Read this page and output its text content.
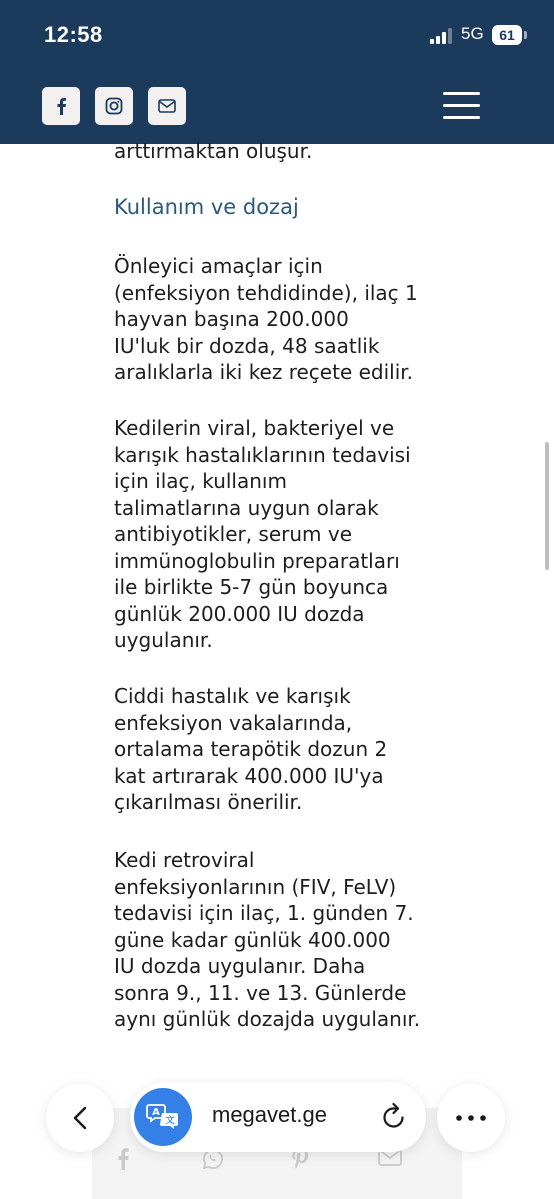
12:58	5G 61
arttırmaktan oluşur.
Kullanım ve dozaj

Önleyici amaçlar için

(enfeksiyon tehdidinde), ilaç 1

hayvan başına 200.000

IU'luk bir dozda, 48 saatlik

aralıklarla iki kez reçete edilir.

Kedilerin viral, bakteriyel ve

karışık hastalıklarının tedavisi

için ilaç, kullanım

talimatlarına uygun olarak

antibiyotikler, serum ve

immünoglobulin preparatları

ile birlikte 5-7 gün boyunca

günlük 200.000 IU dozda

uygulanır.

Ciddi hastalık ve karışık

enfeksiyon vakalarında,

ortalama terapötik dozun 2

kat artırarak 400.000 IU'ya

çıkarılması önerilir.

Kedi retroviral

enfeksiyonlarının (FIV, FeLV)

tedavisi için ilaç, 1. günden 7.

güne kadar günlük 400.000

IU dozda uygulanır. Daha

sonra 9., 11. ve 13. Günlerde

aynı günlük dozajda uygulanır.

A
文 megavet.ge
